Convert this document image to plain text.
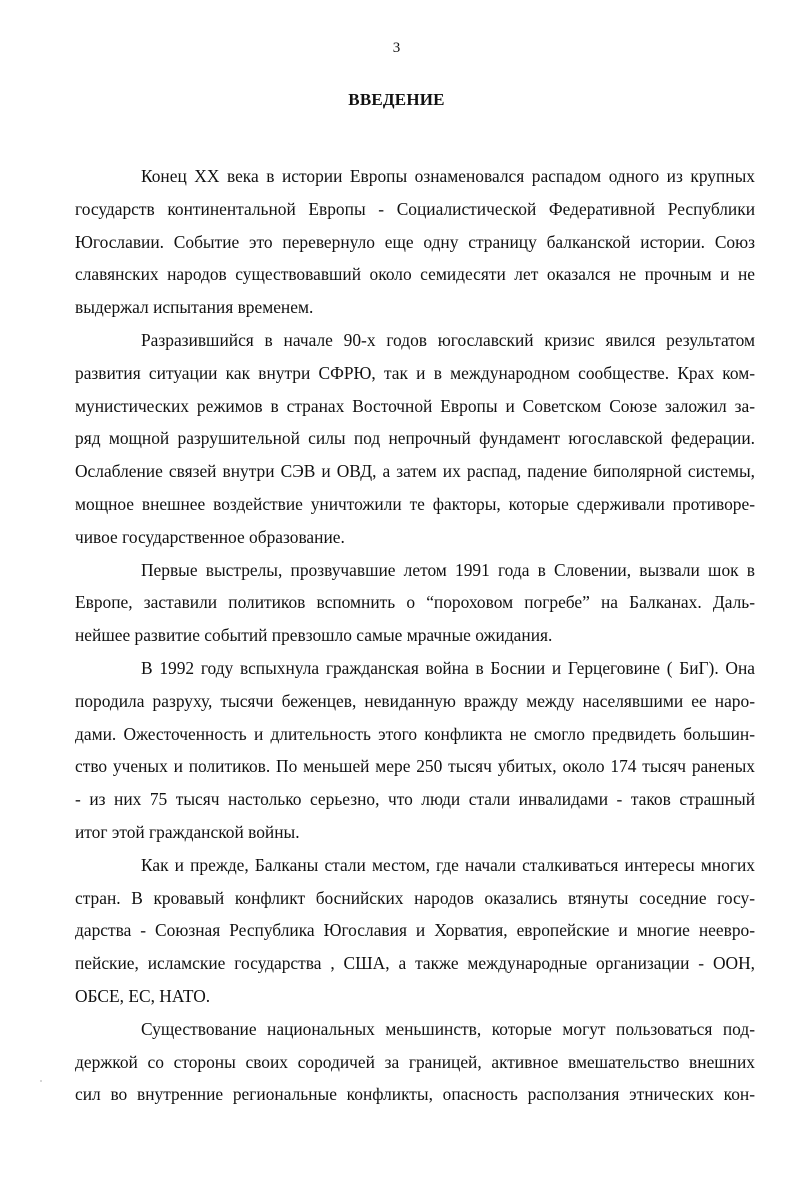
3
ВВЕДЕНИЕ
Конец XX века в истории Европы ознаменовался распадом одного из крупных
государств континентальной Европы - Социалистической Федеративной Республики
Югославии. Событие это перевернуло еще одну страницу балканской истории. Союз
славянских народов существовавший около семидесяти лет оказался не прочным и не
выдержал испытания временем.
Разразившийся в начале 90-х годов югославский кризис явился результатом
развития ситуации как внутри СФРЮ, так и в международном сообществе. Крах ком-
мунистических режимов в странах Восточной Европы и Советском Союзе заложил за-
ряд мощной разрушительной силы под непрочный фундамент югославской федерации.
Ослабление связей внутри СЭВ и ОВД, а затем их распад, падение биполярной системы,
мощное внешнее воздействие уничтожили те факторы, которые сдерживали противоре-
чивое государственное образование.
Первые выстрелы, прозвучавшие летом 1991 года в Словении, вызвали шок в
Европе, заставили политиков вспомнить о “пороховом погребе” на Балканах. Даль-
нейшее развитие событий превзошло самые мрачные ожидания.
В 1992 году вспыхнула гражданская война в Боснии и Герцеговине ( БиГ). Она
породила разруху, тысячи беженцев, невиданную вражду между населявшими ее наро-
дами. Ожесточенность и длительность этого конфликта не смогло предвидеть большин-
ство ученых и политиков. По меньшей мере 250 тысяч убитых, около 174 тысяч раненых
- из них 75 тысяч настолько серьезно, что люди стали инвалидами - таков страшный
итог этой гражданской войны.
Как и прежде, Балканы стали местом, где начали сталкиваться интересы многих
стран. В кровавый конфликт боснийских народов оказались втянуты соседние госу-
дарства - Союзная Республика Югославия и Хорватия, европейские и многие неевро-
пейские, исламские государства , США, а также международные организации - ООН,
ОБСЕ, ЕС, НАТО.
Существование национальных меньшинств, которые могут пользоваться под-
держкой со стороны своих сородичей за границей, активное вмешательство внешних
сил во внутренние региональные конфликты, опасность расползания этнических кон-
